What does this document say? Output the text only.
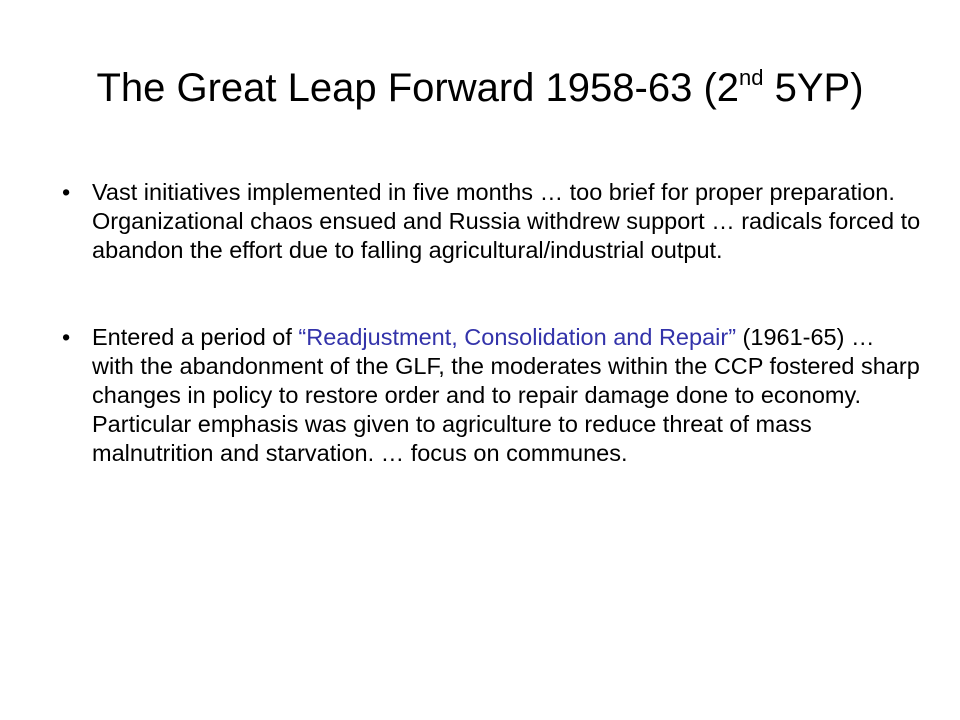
The Great Leap Forward 1958-63 (2nd 5YP)
• Vast initiatives implemented in five months … too brief for proper preparation. Organizational chaos ensued and Russia withdrew support … radicals forced to abandon the effort due to falling agricultural/industrial output.
• Entered a period of “Readjustment, Consolidation and Repair” (1961-65) … with the abandonment of the GLF, the moderates within the CCP fostered sharp changes in policy to restore order and to repair damage done to economy. Particular emphasis was given to agriculture to reduce threat of mass malnutrition and starvation. … focus on communes.
